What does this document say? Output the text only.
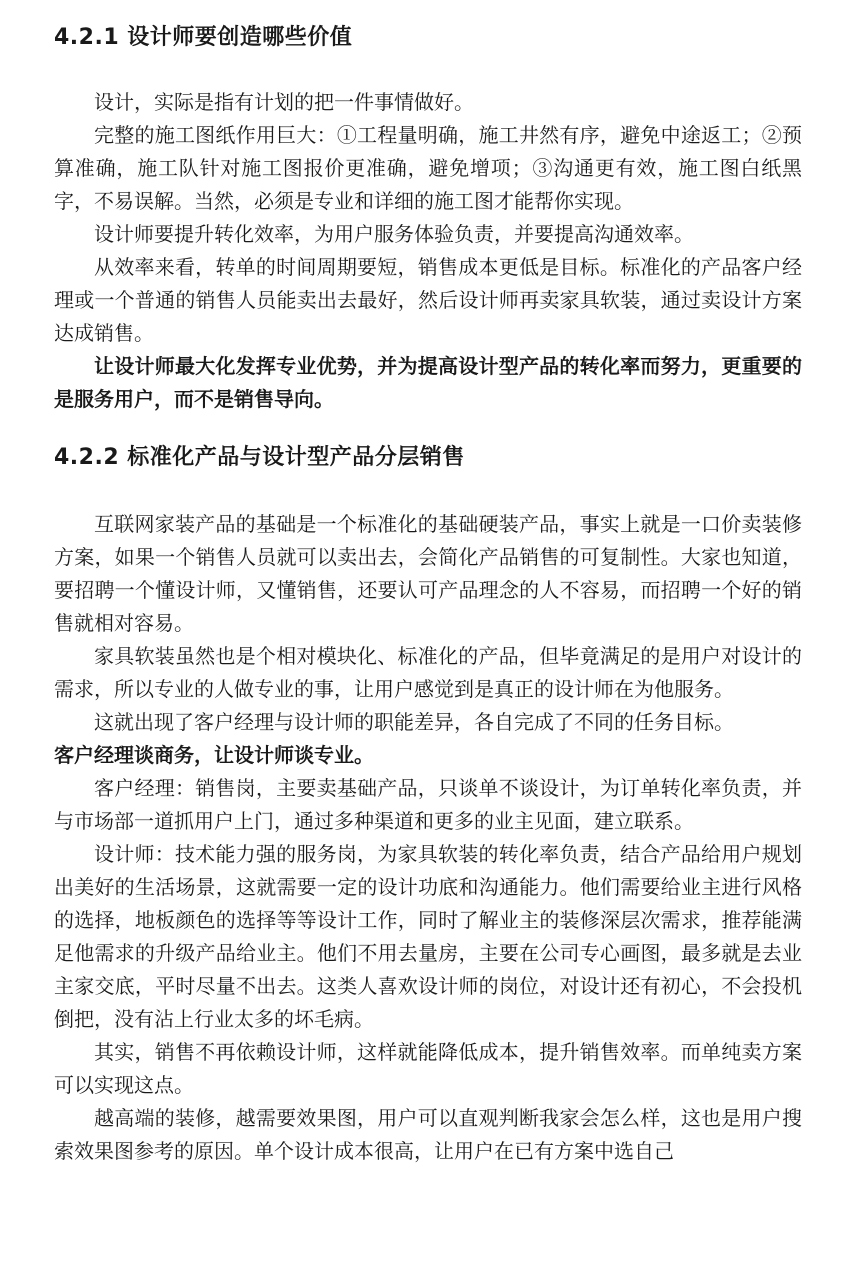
4.2.1 设计师要创造哪些价值

设计，实际是指有计划的把一件事情做好。

完整的施工图纸作用巨大：①工程量明确，施工井然有序，避免中途返工；②预算准确，施工队针对施工图报价更准确，避免增项；③沟通更有效，施工图白纸黑字，不易误解。当然，必须是专业和详细的施工图才能帮你实现。

设计师要提升转化效率，为用户服务体验负责，并要提高沟通效率。

从效率来看，转单的时间周期要短，销售成本更低是目标。标准化的产品客户经理或一个普通的销售人员能卖出去最好，然后设计师再卖家具软装，通过卖设计方案达成销售。

让设计师最大化发挥专业优势，并为提高设计型产品的转化率而努力，更重要的是服务用户，而不是销售导向。

4.2.2 标准化产品与设计型产品分层销售

互联网家装产品的基础是一个标准化的基础硬装产品，事实上就是一口价卖装修方案，如果一个销售人员就可以卖出去，会简化产品销售的可复制性。大家也知道，要招聘一个懂设计师，又懂销售，还要认可产品理念的人不容易，而招聘一个好的销售就相对容易。

家具软装虽然也是个相对模块化、标准化的产品，但毕竟满足的是用户对设计的需求，所以专业的人做专业的事，让用户感觉到是真正的设计师在为他服务。

这就出现了客户经理与设计师的职能差异，各自完成了不同的任务目标。

客户经理谈商务，让设计师谈专业。

客户经理：销售岗，主要卖基础产品，只谈单不谈设计，为订单转化率负责，并与市场部一道抓用户上门，通过多种渠道和更多的业主见面，建立联系。

设计师：技术能力强的服务岗，为家具软装的转化率负责，结合产品给用户规划出美好的生活场景，这就需要一定的设计功底和沟通能力。他们需要给业主进行风格的选择，地板颜色的选择等等设计工作，同时了解业主的装修深层次需求，推荐能满足他需求的升级产品给业主。他们不用去量房，主要在公司专心画图，最多就是去业主家交底，平时尽量不出去。这类人喜欢设计师的岗位，对设计还有初心，不会投机倒把，没有沾上行业太多的坏毛病。

其实，销售不再依赖设计师，这样就能降低成本，提升销售效率。而单纯卖方案可以实现这点。

越高端的装修，越需要效果图，用户可以直观判断我家会怎么样，这也是用户搜索效果图参考的原因。单个设计成本很高，让用户在已有方案中选自己
